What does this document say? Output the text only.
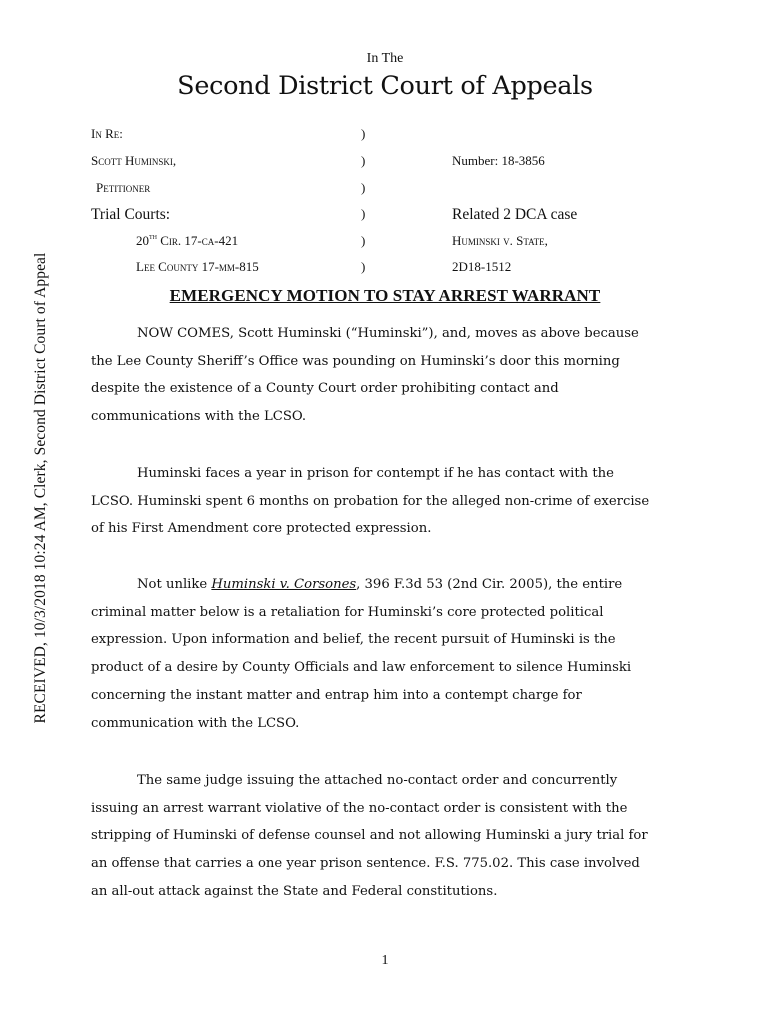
RECEIVED, 10/3/2018 10:24 AM, Clerk, Second District Court of Appeal
In The
Second District Court of Appeals
In Re:	)
Scott Huminski,	)	Number: 18-3856
Petitioner	)
Trial Courts:	)	Related 2 DCA case
20th Cir. 17-ca-421	)	Huminski v. State,
Lee County 17-mm-815	)	2D18-1512
EMERGENCY MOTION TO STAY ARREST WARRANT

NOW COMES, Scott Huminski (“Huminski”), and, moves as above because

the Lee County Sheriff’s Office was pounding on Huminski’s door this morning

despite the existence of a County Court order prohibiting contact and

communications with the LCSO.

Huminski faces a year in prison for contempt if he has contact with the

LCSO. Huminski spent 6 months on probation for the alleged non-crime of exercise

of his First Amendment core protected expression.

Not unlike Huminski v. Corsones, 396 F.3d 53 (2nd Cir. 2005), the entire

criminal matter below is a retaliation for Huminski’s core protected political

expression. Upon information and belief, the recent pursuit of Huminski is the

product of a desire by County Officials and law enforcement to silence Huminski

concerning the instant matter and entrap him into a contempt charge for

communication with the LCSO.

The same judge issuing the attached no-contact order and concurrently

issuing an arrest warrant violative of the no-contact order is consistent with the

stripping of Huminski of defense counsel and not allowing Huminski a jury trial for

an offense that carries a one year prison sentence. F.S. 775.02. This case involved

an all-out attack against the State and Federal constitutions.

1
